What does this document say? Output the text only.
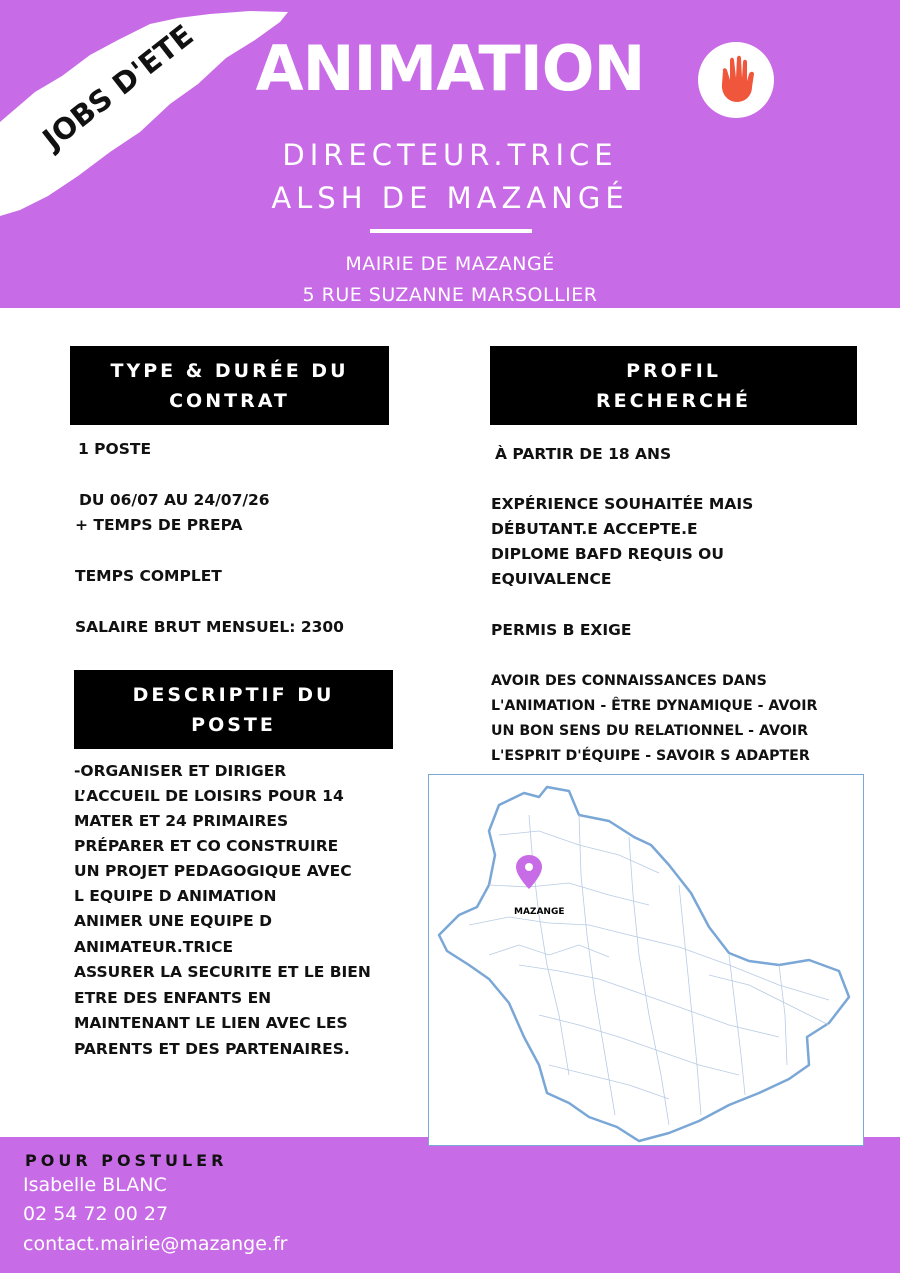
JOBS D'ETE ANIMATION
DIRECTEUR.TRICE
ALSH DE MAZANGÉ
MAIRIE DE MAZANGÉ
5 RUE SUZANNE MARSOLLIER
TYPE & DURÉE DU
CONTRAT
1 POSTE
DU 06/07 AU 24/07/26
+ TEMPS DE PREPA
TEMPS COMPLET
SALAIRE BRUT MENSUEL: 2300
PROFIL
RECHERCHÉ
À PARTIR DE 18 ANS
EXPÉRIENCE SOUHAITÉE MAIS
DÉBUTANT.E ACCEPTE.E
DIPLOME BAFD REQUIS OU
EQUIVALENCE
PERMIS B EXIGE
AVOIR DES CONNAISSANCES DANS
L'ANIMATION - ÊTRE DYNAMIQUE - AVOIR
UN BON SENS DU RELATIONNEL - AVOIR
L'ESPRIT D'ÉQUIPE - SAVOIR S ADAPTER
DESCRIPTIF DU
POSTE
-ORGANISER ET DIRIGER
L’ACCUEIL DE LOISIRS POUR 14
MATER ET 24 PRIMAIRES
PRÉPARER ET CO CONSTRUIRE
UN PROJET PEDAGOGIQUE AVEC
L EQUIPE D ANIMATION
ANIMER UNE EQUIPE D
ANIMATEUR.TRICE
ASSURER LA SECURITE ET LE BIEN
ETRE DES ENFANTS EN
MAINTENANT LE LIEN AVEC LES
PARENTS ET DES PARTENAIRES.
POUR POSTULER
Isabelle BLANC
02 54 72 00 27
contact.mairie@mazange.fr
MAZANGE
